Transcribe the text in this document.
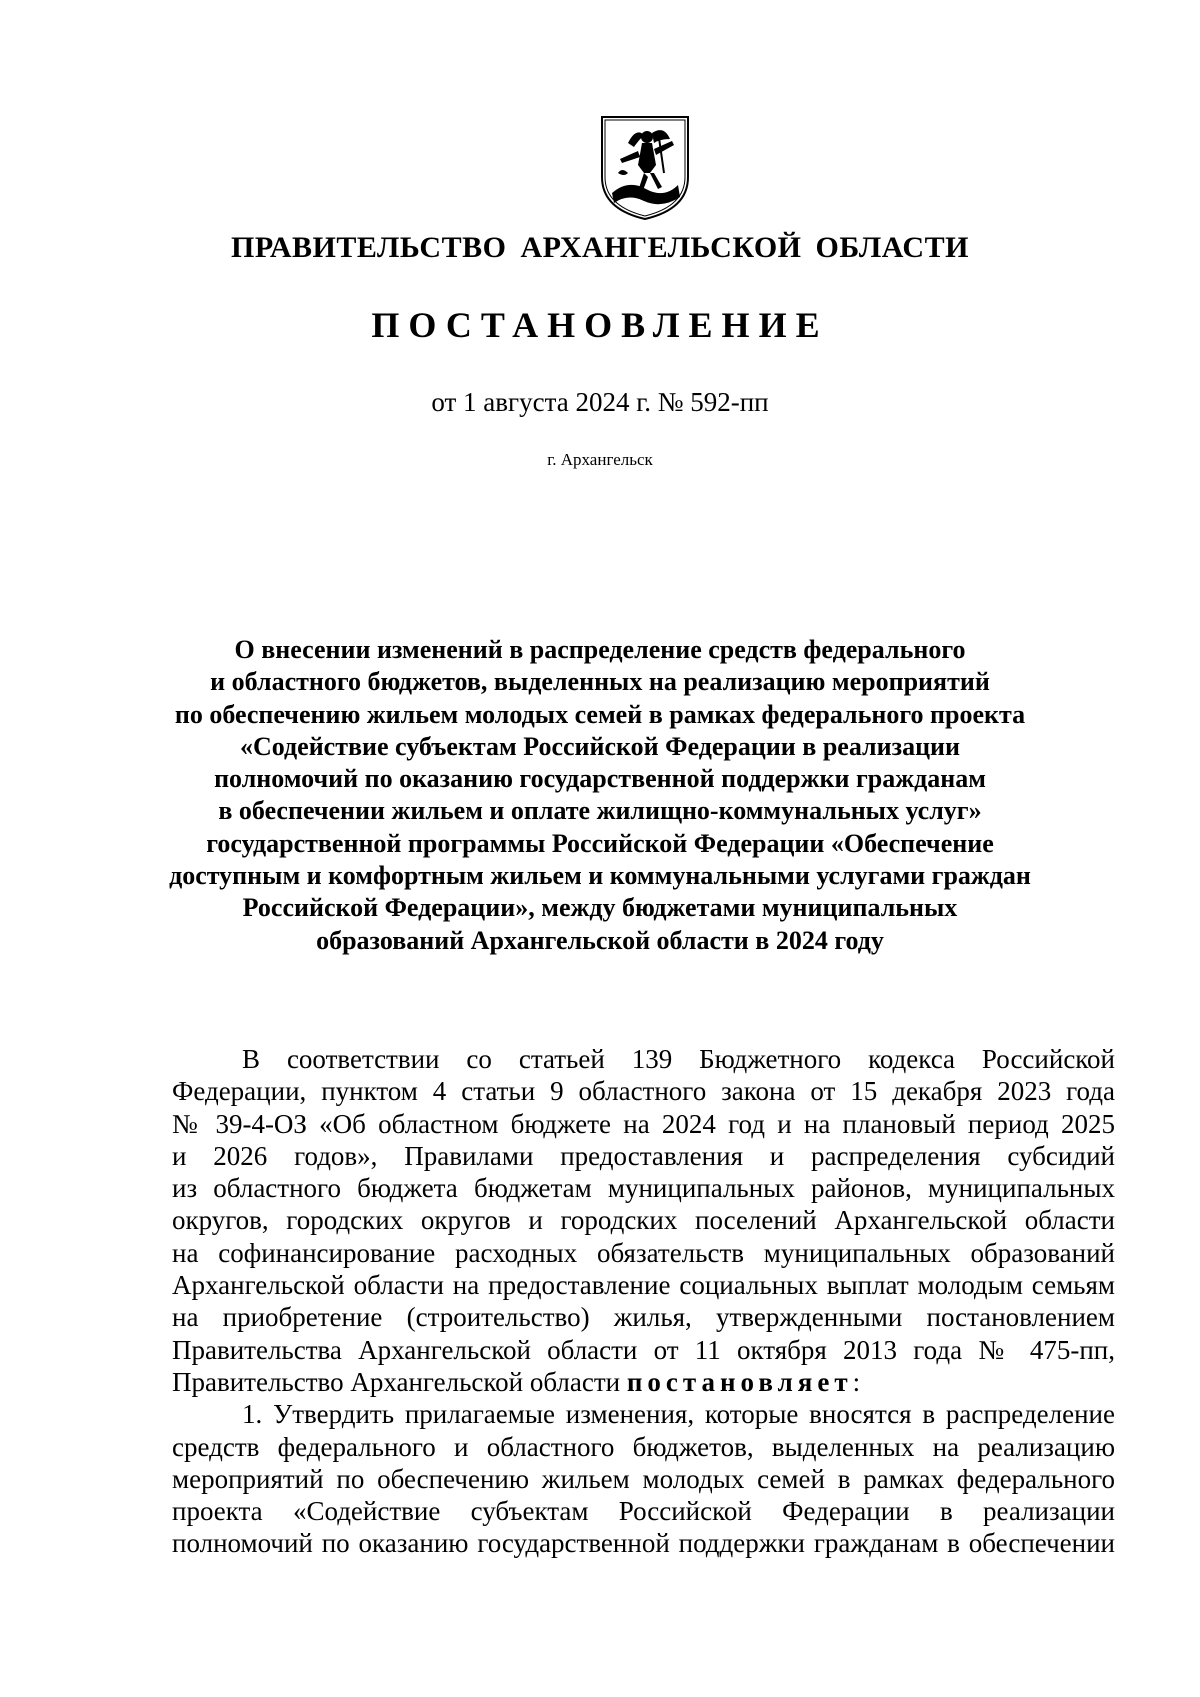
ПРАВИТЕЛЬСТВО АРХАНГЕЛЬСКОЙ ОБЛАСТИ
ПОСТАНОВЛЕНИЕ
от 1 августа 2024 г. № 592-пп
г. Архангельск
О внесении изменений в распределение средств федерального
и областного бюджетов, выделенных на реализацию мероприятий
по обеспечению жильем молодых семей в рамках федерального проекта
«Содействие субъектам Российской Федерации в реализации
полномочий по оказанию государственной поддержки гражданам
в обеспечении жильем и оплате жилищно-коммунальных услуг»
государственной программы Российской Федерации «Обеспечение
доступным и комфортным жильем и коммунальными услугами граждан
Российской Федерации», между бюджетами муниципальных
образований Архангельской области в 2024 году
В соответствии со статьей 139 Бюджетного кодекса Российской
Федерации, пунктом 4 статьи 9 областного закона от 15 декабря 2023 года
№ 39-4-ОЗ «Об областном бюджете на 2024 год и на плановый период 2025
и 2026 годов», Правилами предоставления и распределения субсидий
из областного бюджета бюджетам муниципальных районов, муниципальных
округов, городских округов и городских поселений Архангельской области
на софинансирование расходных обязательств муниципальных образований
Архангельской области на предоставление социальных выплат молодым семьям
на приобретение (строительство) жилья, утвержденными постановлением
Правительства Архангельской области от 11 октября 2013 года № 475-пп,
Правительство Архангельской области постановляет:
1. Утвердить прилагаемые изменения, которые вносятся в распределение
средств федерального и областного бюджетов, выделенных на реализацию
мероприятий по обеспечению жильем молодых семей в рамках федерального
проекта «Содействие субъектам Российской Федерации в реализации
полномочий по оказанию государственной поддержки гражданам в обеспечении
